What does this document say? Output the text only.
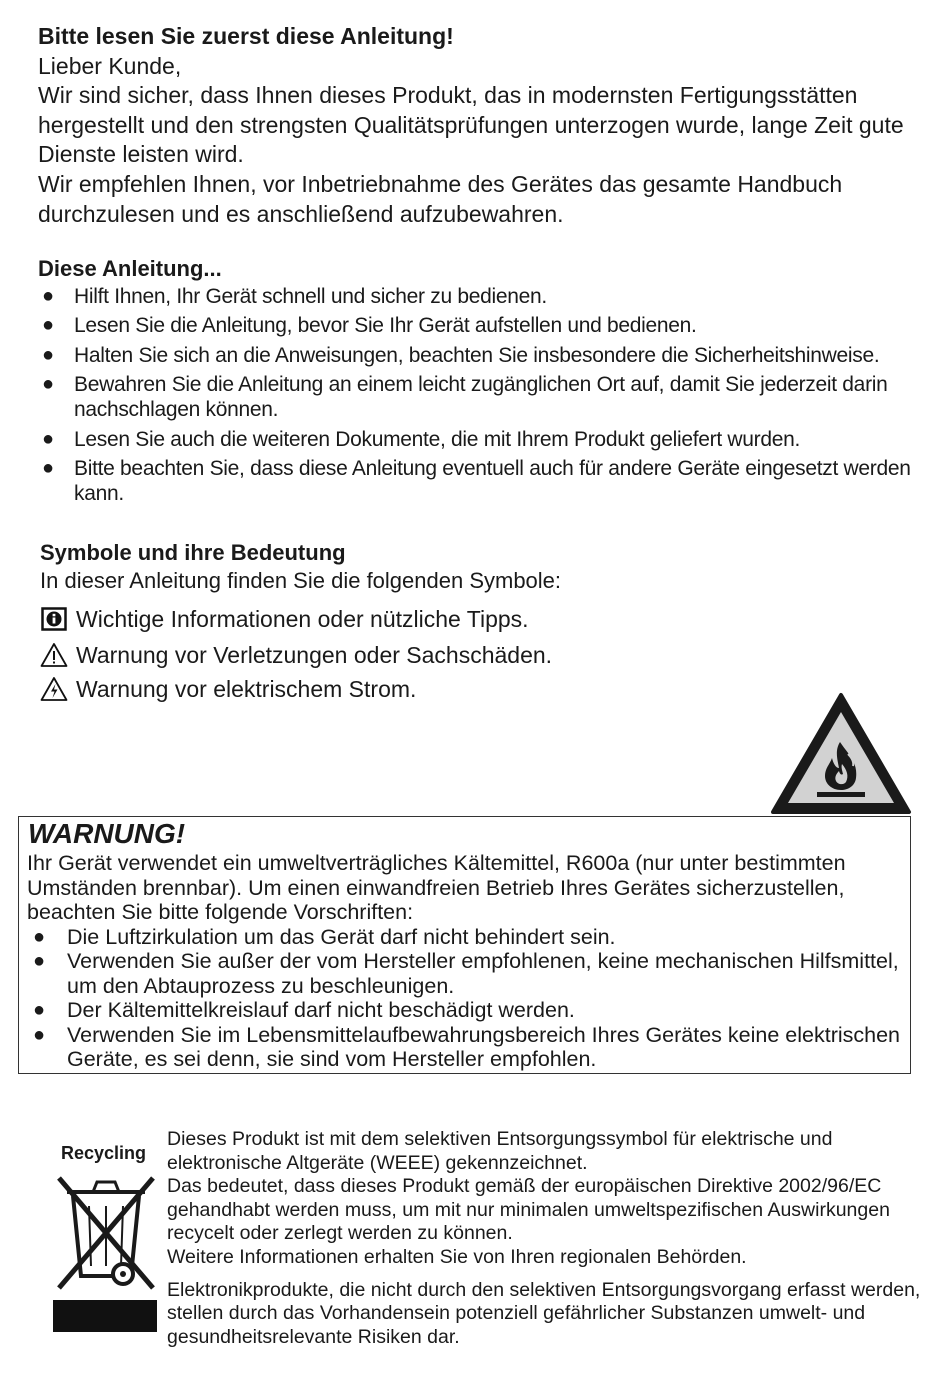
Bitte lesen Sie zuerst diese Anleitung!
Lieber Kunde,
Wir sind sicher, dass Ihnen dieses Produkt, das in modernsten Fertigungsstätten hergestellt und den strengsten Qualitätsprüfungen unterzogen wurde, lange Zeit gute Dienste leisten wird.
Wir empfehlen Ihnen, vor Inbetriebnahme des Gerätes das gesamte Handbuch durchzulesen und es anschließend aufzubewahren.
Diese Anleitung...
● Hilft Ihnen, Ihr Gerät schnell und sicher zu bedienen.
● Lesen Sie die Anleitung, bevor Sie Ihr Gerät aufstellen und bedienen.
● Halten Sie sich an die Anweisungen, beachten Sie insbesondere die Sicherheitshinweise.
● Bewahren Sie die Anleitung an einem leicht zugänglichen Ort auf, damit Sie jederzeit darin nachschlagen können.
● Lesen Sie auch die weiteren Dokumente, die mit Ihrem Produkt geliefert wurden.
● Bitte beachten Sie, dass diese Anleitung eventuell auch für andere Geräte eingesetzt werden kann.
Symbole und ihre Bedeutung
In dieser Anleitung finden Sie die folgenden Symbole:
Wichtige Informationen oder nützliche Tipps.
Warnung vor Verletzungen oder Sachschäden.
Warnung vor elektrischem Strom.
WARNUNG!
Ihr Gerät verwendet ein umweltverträgliches Kältemittel, R600a (nur unter bestimmten Umständen brennbar). Um einen einwandfreien Betrieb Ihres Gerätes sicherzustellen, beachten Sie bitte folgende Vorschriften:
● Die Luftzirkulation um das Gerät darf nicht behindert sein.
● Verwenden Sie außer der vom Hersteller empfohlenen, keine mechanischen Hilfsmittel, um den Abtauprozess zu beschleunigen.
● Der Kältemittelkreislauf darf nicht beschädigt werden.
● Verwenden Sie im Lebensmittelaufbewahrungsbereich Ihres Gerätes keine elektrischen Geräte, es sei denn, sie sind vom Hersteller empfohlen.
Recycling

Dieses Produkt ist mit dem selektiven Entsorgungssymbol für elektrische und elektronische Altgeräte (WEEE) gekennzeichnet.
Das bedeutet, dass dieses Produkt gemäß der europäischen Direktive 2002/96/EC gehandhabt werden muss, um mit nur minimalen umweltspezifischen Auswirkungen recycelt oder zerlegt werden zu können.
Weitere Informationen erhalten Sie von Ihren regionalen Behörden.

Elektronikprodukte, die nicht durch den selektiven Entsorgungsvorgang erfasst werden, stellen durch das Vorhandensein potenziell gefährlicher Substanzen umwelt- und gesundheitsrelevante Risiken dar.
